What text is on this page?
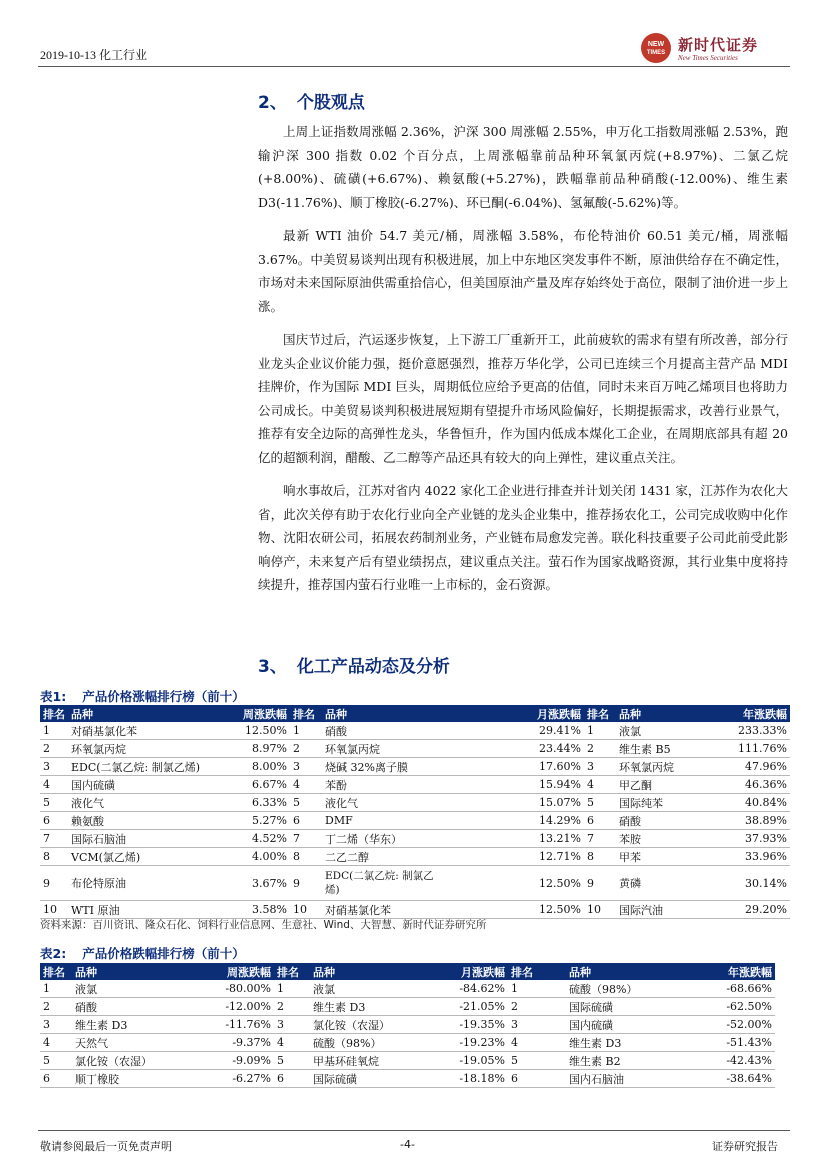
2019-10-13 化工行业
NEW
TIMES 新时代证券
New Times Securities
2、 个股观点

上周上证指数周涨幅 2.36%，沪深 300 周涨幅 2.55%，申万化工指数周涨幅 2.53%，跑输沪深 300 指数 0.02 个百分点，上周涨幅靠前品种环氧氯丙烷(+8.97%)、二氯乙烷(+8.00%)、硫磺(+6.67%)、赖氨酸(+5.27%)，跌幅靠前品种硝酸(-12.00%)、维生素 D3(-11.76%)、顺丁橡胶(-6.27%)、环已酮(-6.04%)、氢氟酸(-5.62%)等。

最新 WTI 油价 54.7 美元/桶，周涨幅 3.58%，布伦特油价 60.51 美元/桶，周涨幅 3.67%。中美贸易谈判出现有积极进展，加上中东地区突发事件不断，原油供给存在不确定性，市场对未来国际原油供需重拾信心，但美国原油产量及库存始终处于高位，限制了油价进一步上涨。

国庆节过后，汽运逐步恢复，上下游工厂重新开工，此前疲软的需求有望有所改善，部分行业龙头企业议价能力强，挺价意愿强烈，推荐万华化学，公司已连续三个月提高主营产品 MDI 挂牌价，作为国际 MDI 巨头，周期低位应给予更高的估值，同时未来百万吨乙烯项目也将助力公司成长。中美贸易谈判积极进展短期有望提升市场风险偏好，长期提振需求，改善行业景气，推荐有安全边际的高弹性龙头，华鲁恒升，作为国内低成本煤化工企业，在周期底部具有超 20 亿的超额利润，醋酸、乙二醇等产品还具有较大的向上弹性，建议重点关注。

响水事故后，江苏对省内 4022 家化工企业进行排查并计划关闭 1431 家，江苏作为农化大省，此次关停有助于农化行业向全产业链的龙头企业集中，推荐扬农化工，公司完成收购中化作物、沈阳农研公司，拓展农药制剂业务，产业链布局愈发完善。联化科技重要子公司此前受此影响停产，未来复产后有望业绩拐点，建议重点关注。萤石作为国家战略资源，其行业集中度将持续提升，推荐国内萤石行业唯一上市标的，金石资源。

3、 化工产品动态及分析
表1: 产品价格涨幅排行榜（前十）
排名	品种	周涨跌幅	排名	品种	月涨跌幅	排名	品种	年涨跌幅
1	对硝基氯化苯	12.50%	1	硝酸	29.41%	1	液氯	233.33%
2	环氧氯丙烷	8.97%	2	环氧氯丙烷	23.44%	2	维生素 B5	111.76%
3	EDC(二氯乙烷: 制氯乙烯)	8.00%	3	烧碱 32%离子膜	17.60%	3	环氧氯丙烷	47.96%
4	国内硫磺	6.67%	4	苯酚	15.94%	4	甲乙酮	46.36%
5	液化气	6.33%	5	液化气	15.07%	5	国际纯苯	40.84%
6	赖氨酸	5.27%	6	DMF	14.29%	6	硝酸	38.89%
7	国际石脑油	4.52%	7	丁二烯（华东）	13.21%	7	苯胺	37.93%
8	VCM(氯乙烯)	4.00%	8	二乙二醇	12.71%	8	甲苯	33.96%
9	布伦特原油	3.67%	9	EDC(二氯乙烷: 制氯乙烯)	12.50%	9	黄磷	30.14%
10	WTI 原油	3.58%	10	对硝基氯化苯	12.50%	10	国际汽油	29.20%
资料来源：百川资讯、隆众石化、饲料行业信息网、生意社、Wind、大智慧、新时代证券研究所
表2: 产品价格跌幅排行榜（前十）
排名	品种	周涨跌幅	排名	品种	月涨跌幅	排名	品种	年涨跌幅
1	液氯	-80.00%	1	液氯	-84.62%	1	硫酸（98%）	-68.66%
2	硝酸	-12.00%	2	维生素 D3	-21.05%	2	国际硫磺	-62.50%
3	维生素 D3	-11.76%	3	氯化铵（农湿）	-19.35%	3	国内硫磺	-52.00%
4	天然气	-9.37%	4	硫酸（98%）	-19.23%	4	维生素 D3	-51.43%
5	氯化铵（农湿）	-9.09%	5	甲基环硅氧烷	-19.05%	5	维生素 B2	-42.43%
6	顺丁橡胶	-6.27%	6	国际硫磺	-18.18%	6	国内石脑油	-38.64%
敬请参阅最后一页免责声明	-4-	证券研究报告
